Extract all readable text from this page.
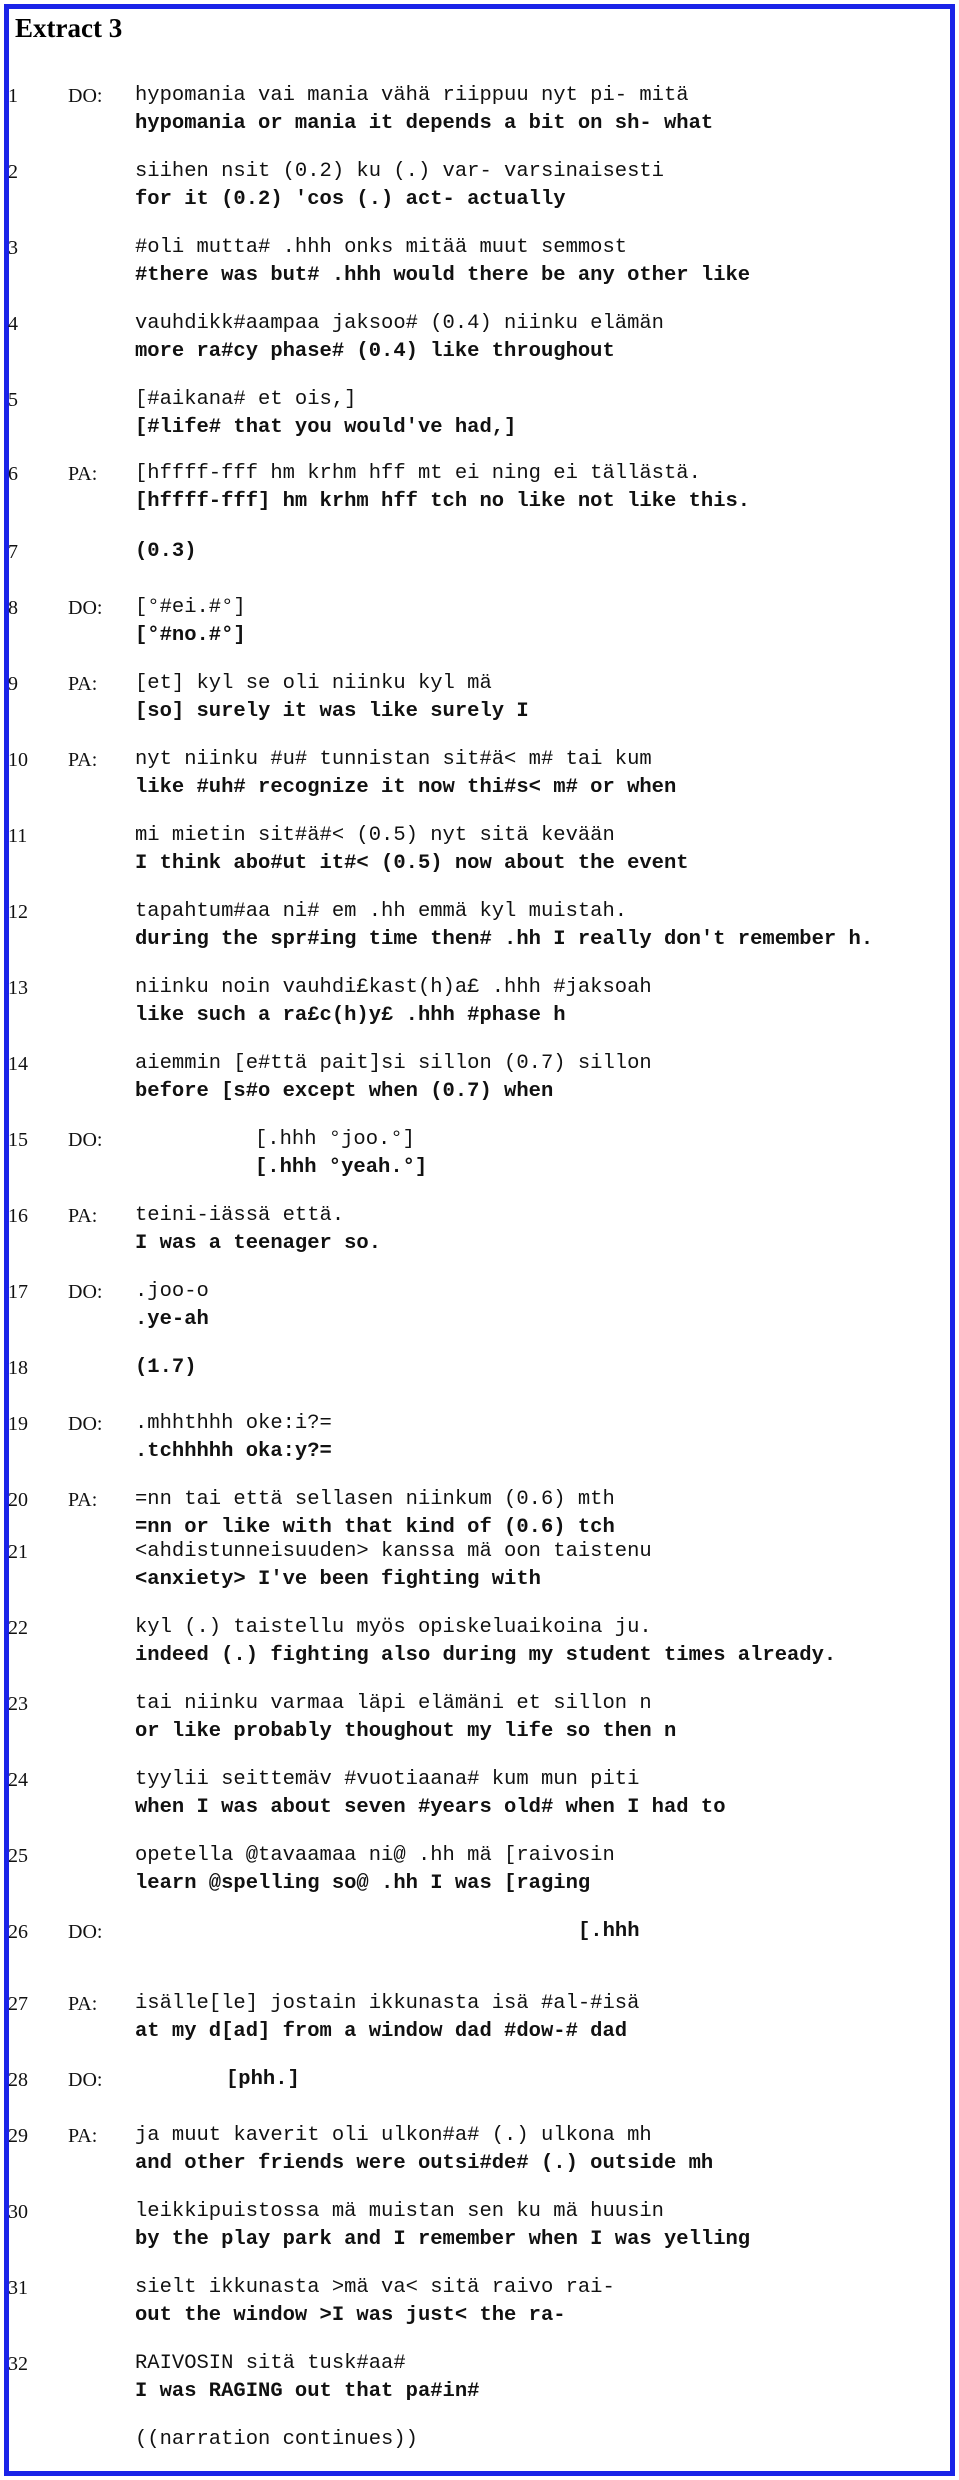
Extract 3
1	DO: hypomania vai mania vähä riippuu nyt pi- mitä
hypomania or mania it depends a bit on sh- what
2	siihen nsit (0.2) ku (.) var- varsinaisesti
for it (0.2) 'cos (.) act- actually
3	#oli mutta# .hhh onks mitää muut semmost
#there was but# .hhh would there be any other like
4	vauhdikk#aampaa jaksoo# (0.4) niinku elämän
more ra#cy phase# (0.4) like throughout
5	[#aikana# et ois,]
[#life# that you would've had,]
6	PA: [hffff-fff hm krhm hff mt ei ning ei tällästä.
[hffff-fff] hm krhm hff tch no like not like this.
7	(0.3)
8	DO: [°#ei.#°]
[°#no.#°]
9	PA: [et] kyl se oli niinku kyl mä
[so] surely it was like surely I
10 PA: nyt niinku #u# tunnistan sit#ä< m# tai kum
like #uh# recognize it now thi#s< m# or when
11	mi mietin sit#ä#< (0.5) nyt sitä kevään
I think abo#ut it#< (0.5) now about the event
12	tapahtum#aa ni# em .hh emmä kyl muistah.
during the spr#ing time then# .hh I really don't remember h.
13	niinku noin vauhdi£kast(h)a£ .hhh #jaksoah
like such a ra£c(h)y£ .hhh #phase h
14	aiemmin [e#ttä pait]si sillon (0.7) sillon
before [s#o except when (0.7) when
15 DO:	[.hhh °joo.°]
[.hhh °yeah.°]
16 PA: teini-iässä että.
I was a teenager so.
17 DO: .joo-o
.ye-ah
18	(1.7)
19 DO: .mhhthhh oke:i?=
.tchhhhh oka:y?=
20 PA: =nn tai että sellasen niinkum (0.6) mth
=nn or like with that kind of (0.6) tch
21	<ahdistunneisuuden> kanssa mä oon taistenu
<anxiety> I've been fighting with
22	kyl (.) taistellu myös opiskeluaikoina ju.
indeed (.) fighting also during my student times already.
23	tai niinku varmaa läpi elämäni et sillon n
or like probably thoughout my life so then n
24	tyylii seittemäv #vuotiaana# kum mun piti
when I was about seven #years old# when I had to
25	opetella @tavaamaa ni@ .hh mä [raivosin
learn @spelling so@ .hh I was [raging
26 DO:	[.hhh
27 PA: isälle[le] jostain ikkunasta isä #al-#isä
at my d[ad] from a window dad #dow-# dad
28 DO:	[phh.]
29 PA: ja muut kaverit oli ulkon#a# (.) ulkona mh
and other friends were outsi#de# (.) outside mh
30	leikkipuistossa mä muistan sen ku mä huusin
by the play park and I remember when I was yelling
31	sielt ikkunasta >mä va< sitä raivo rai-
out the window >I was just< the ra-
32	RAIVOSIN sitä tusk#aa#
I was RAGING out that pa#in#
((narration continues))
